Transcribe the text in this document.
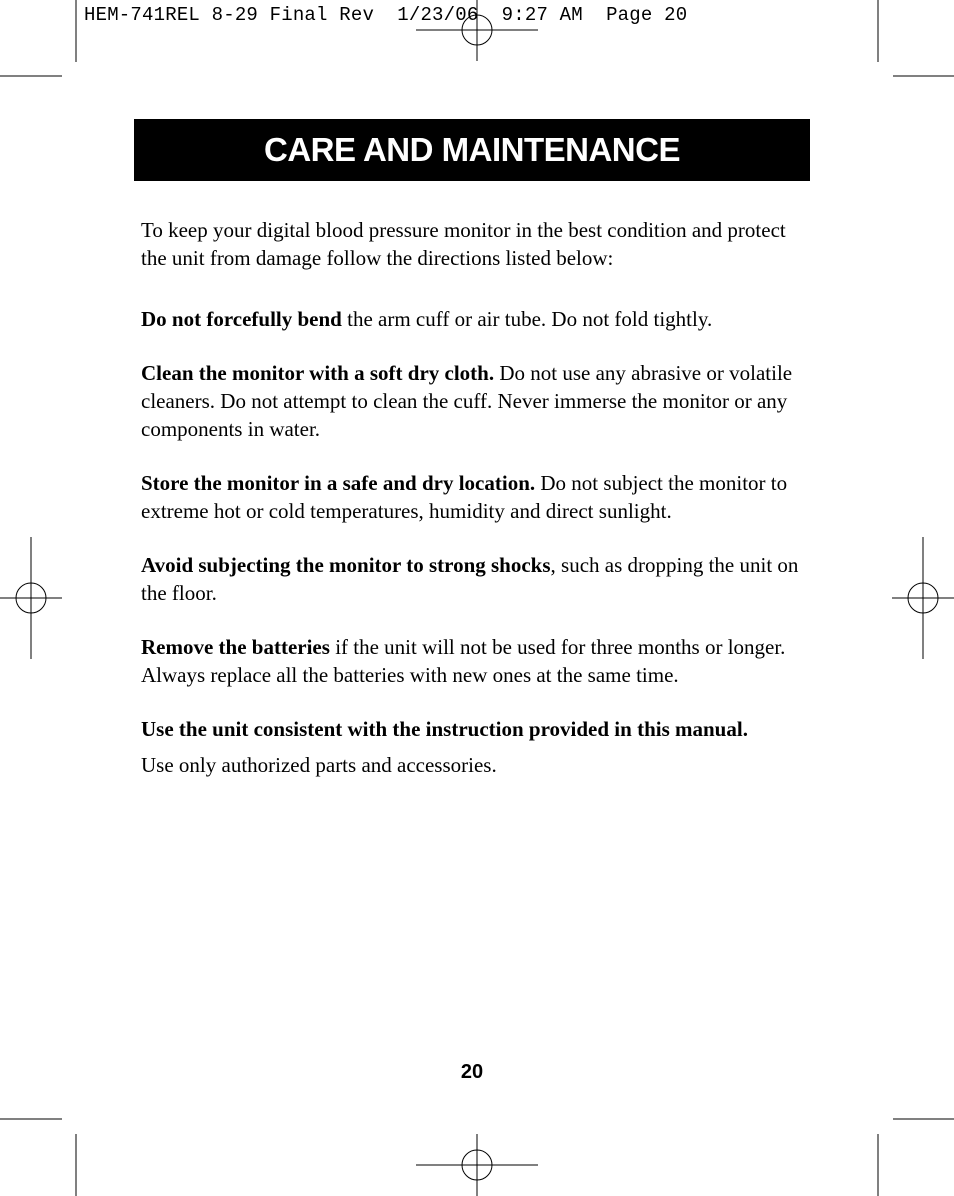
HEM-741REL 8-29 Final Rev  1/23/06  9:27 AM  Page 20
CARE AND MAINTENANCE

To keep your digital blood pressure monitor in the best condition and protect the unit from damage follow the directions listed below:

Do not forcefully bend the arm cuff or air tube. Do not fold tightly.

Clean the monitor with a soft dry cloth. Do not use any abrasive or volatile cleaners. Do not attempt to clean the cuff. Never immerse the monitor or any components in water.

Store the monitor in a safe and dry location. Do not subject the monitor to extreme hot or cold temperatures, humidity and direct sunlight.

Avoid subjecting the monitor to strong shocks, such as dropping the unit on the floor.

Remove the batteries if the unit will not be used for three months or longer. Always replace all the batteries with new ones at the same time.

Use the unit consistent with the instruction provided in this manual.

Use only authorized parts and accessories.

20
